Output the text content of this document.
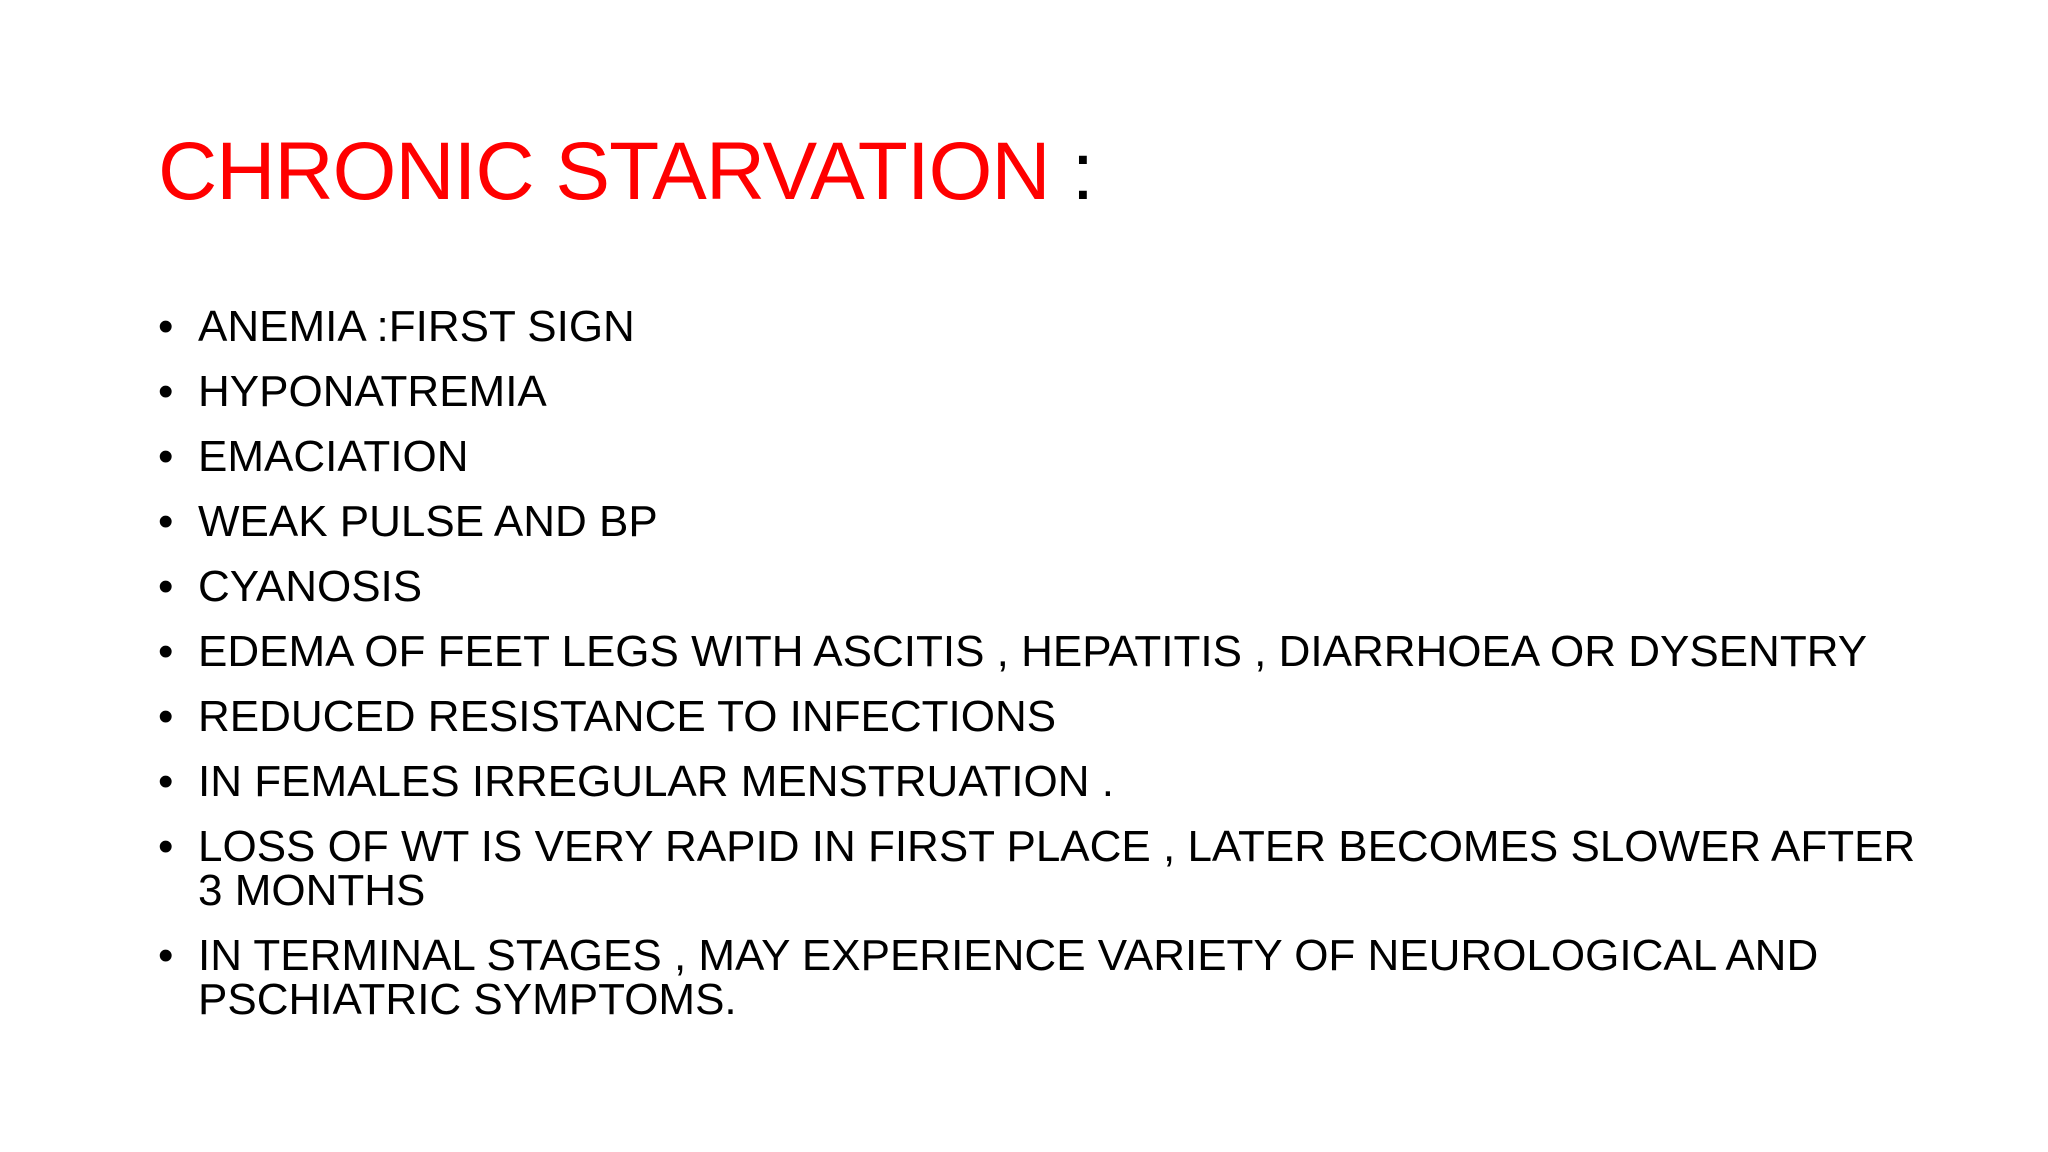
CHRONIC STARVATION :
• ANEMIA :FIRST SIGN
• HYPONATREMIA
• EMACIATION
• WEAK PULSE AND BP
• CYANOSIS
• EDEMA OF FEET LEGS WITH ASCITIS , HEPATITIS , DIARRHOEA OR DYSENTRY
• REDUCED RESISTANCE TO INFECTIONS
• IN FEMALES IRREGULAR MENSTRUATION .
• LOSS OF WT IS VERY RAPID IN FIRST PLACE , LATER BECOMES SLOWER AFTER 3 MONTHS
• IN TERMINAL STAGES , MAY EXPERIENCE VARIETY OF NEUROLOGICAL AND PSCHIATRIC SYMPTOMS.
